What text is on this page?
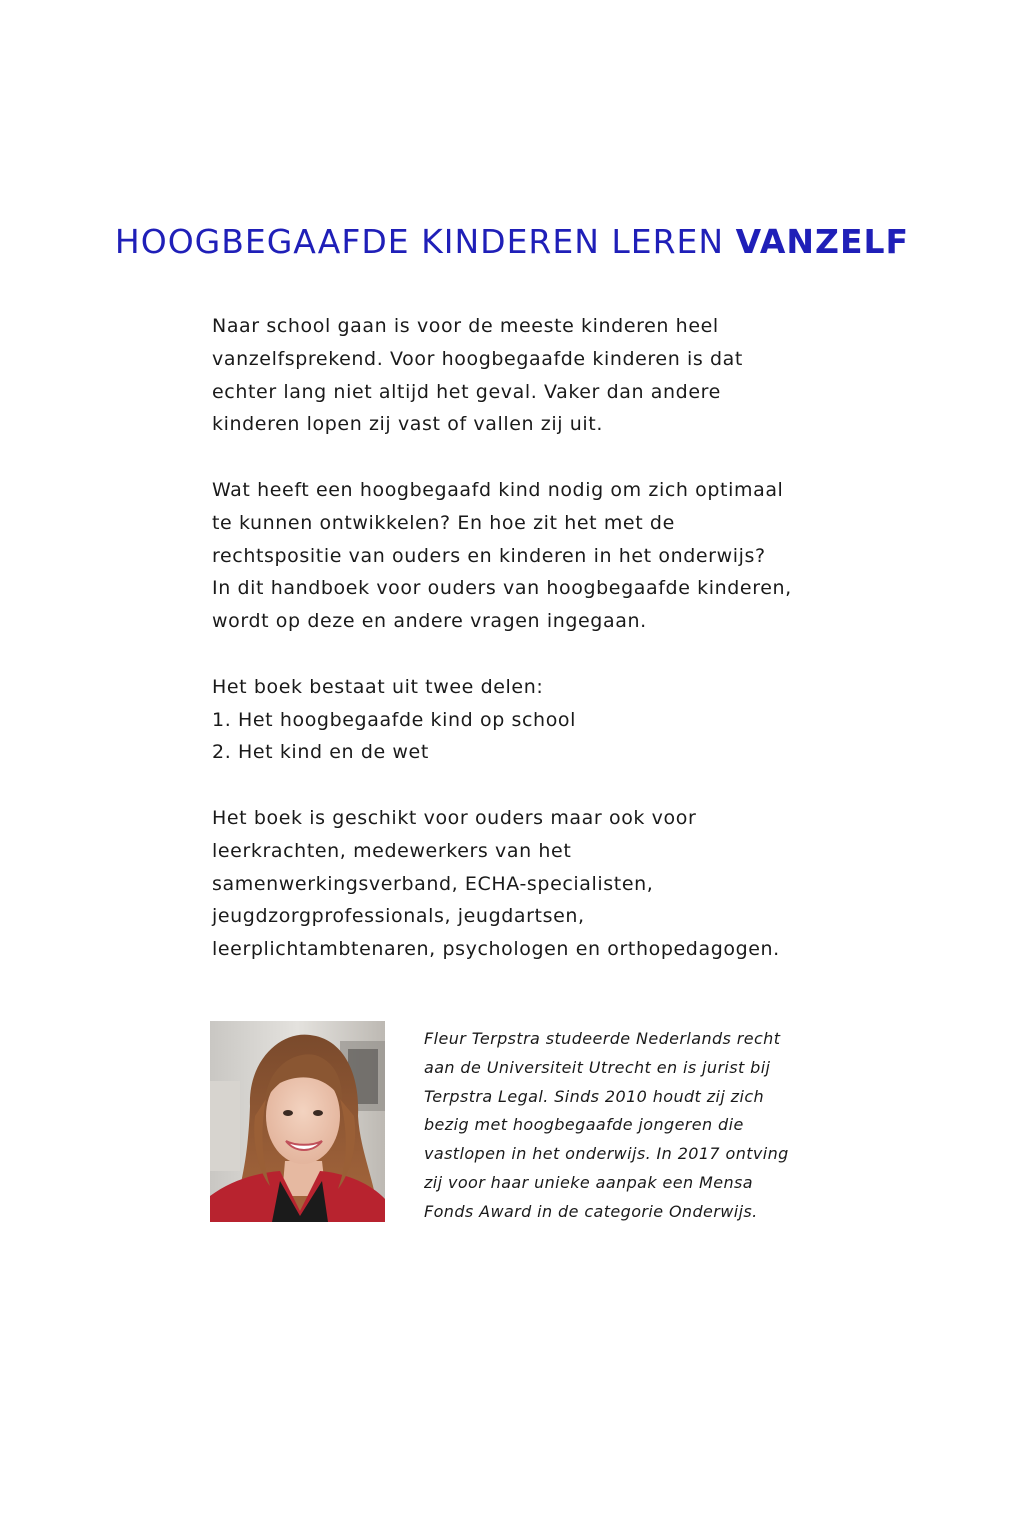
HOOGBEGAAFDE KINDEREN LEREN VANZELF

Naar school gaan is voor de meeste kinderen heel
vanzelfsprekend. Voor hoogbegaafde kinderen is dat
echter lang niet altijd het geval. Vaker dan andere
kinderen lopen zij vast of vallen zij uit.

Wat heeft een hoogbegaafd kind nodig om zich optimaal
te kunnen ontwikkelen? En hoe zit het met de
rechtspositie van ouders en kinderen in het onderwijs?
In dit handboek voor ouders van hoogbegaafde kinderen,
wordt op deze en andere vragen ingegaan.

Het boek bestaat uit twee delen:
1. Het hoogbegaafde kind op school
2. Het kind en de wet

Het boek is geschikt voor ouders maar ook voor
leerkrachten, medewerkers van het
samenwerkingsverband, ECHA-specialisten,
jeugdzorgprofessionals, jeugdartsen,
leerplichtambtenaren, psychologen en orthopedagogen.

Fleur Terpstra studeerde Nederlands recht
aan de Universiteit Utrecht en is jurist bij
Terpstra Legal. Sinds 2010 houdt zij zich
bezig met hoogbegaafde jongeren die
vastlopen in het onderwijs. In 2017 ontving
zij voor haar unieke aanpak een Mensa
Fonds Award in de categorie Onderwijs.
